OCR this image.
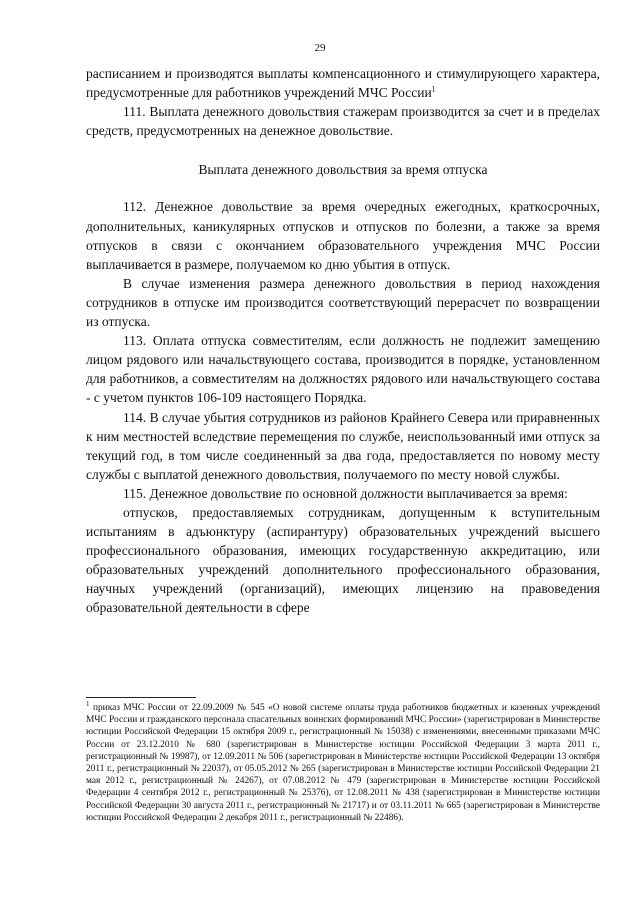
29

расписанием и производятся выплаты компенсационного и стимулирующего характера, предусмотренные для работников учреждений МЧС России$^1$

111. Выплата денежного довольствия стажерам производится за счет и в пределах средств, предусмотренных на денежное довольствие.

Выплата денежного довольствия за время отпуска

112. Денежное довольствие за время очередных ежегодных, краткосрочных, дополнительных, каникулярных отпусков и отпусков по болезни, а также за время отпусков в связи с окончанием образовательного учреждения МЧС России выплачивается в размере, получаемом ко дню убытия в отпуск.

В случае изменения размера денежного довольствия в период нахождения сотрудников в отпуске им производится соответствующий перерасчет по возвращении из отпуска.

113. Оплата отпуска совместителям, если должность не подлежит замещению лицом рядового или начальствующего состава, производится в порядке, установленном для работников, а совместителям на должностях рядового или начальствующего состава - с учетом пунктов 106-109 настоящего Порядка.

114. В случае убытия сотрудников из районов Крайнего Севера или приравненных к ним местностей вследствие перемещения по службе, неиспользованный ими отпуск за текущий год, в том числе соединенный за два года, предоставляется по новому месту службы с выплатой денежного довольствия, получаемого по месту новой службы.

115. Денежное довольствие по основной должности выплачивается за время:

отпусков, предоставляемых сотрудникам, допущенным к вступительным испытаниям в адъюнктуру (аспирантуру) образовательных учреждений высшего профессионального образования, имеющих государственную аккредитацию, или образовательных учреждений дополнительного профессионального образования, научных учреждений (организаций), имеющих лицензию на правоведения образовательной деятельности в сфере

$^1$ приказ МЧС России от 22.09.2009 № 545 «О новой системе оплаты труда работников бюджетных и казенных учреждений МЧС России и гражданского персонала спасательных воинских формирований МЧС России» (зарегистрирован в Министерстве юстиции Российской Федерации 15 октября 2009 г., регистрационный № 15038) с изменениями, внесенными приказами МЧС России от 23.12.2010 № 680 (зарегистрирован в Министерстве юстиции Российской Федерации 3 марта 2011 г., регистрационный № 19987), от 12.09.2011 № 506 (зарегистрирован в Министерстве юстиции Российской Федерации 13 октября 2011 г., регистрационный № 22037), от 05.05.2012 № 265 (зарегистрирован в Министерстве юстиции Российской Федерации 21 мая 2012 г., регистрационный № 24267), от 07.08.2012 № 479 (зарегистрирован в Министерстве юстиции Российской Федерации 4 сентября 2012 г., регистрационный № 25376), от 12.08.2011 № 438 (зарегистрирован в Министерстве юстиции Российской Федерации 30 августа 2011 г., регистрационный № 21717) и от 03.11.2011 № 665 (зарегистрирован в Министерстве юстиции Российской Федерации 2 декабря 2011 г., регистрационный № 22486).
